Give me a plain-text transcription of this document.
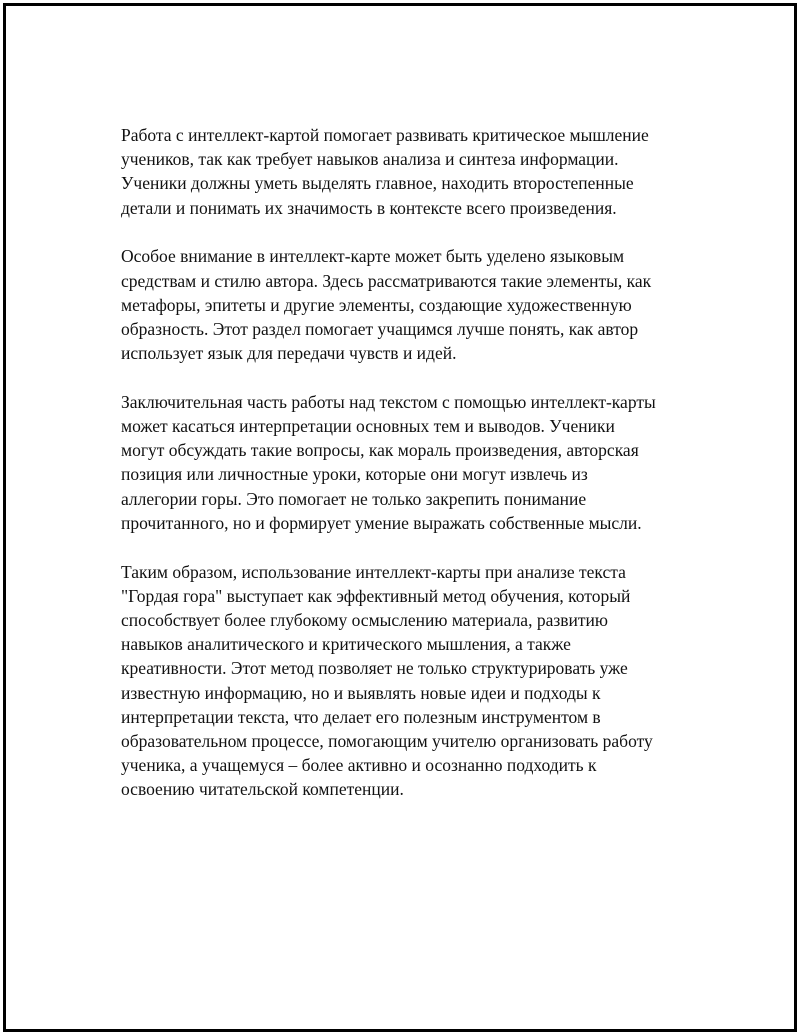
Работа с интеллект-картой помогает развивать критическое мышление
учеников, так как требует навыков анализа и синтеза информации.
Ученики должны уметь выделять главное, находить второстепенные
детали и понимать их значимость в контексте всего произведения.

Особое внимание в интеллект-карте может быть уделено языковым
средствам и стилю автора. Здесь рассматриваются такие элементы, как
метафоры, эпитеты и другие элементы, создающие художественную
образность. Этот раздел помогает учащимся лучше понять, как автор
использует язык для передачи чувств и идей.

Заключительная часть работы над текстом с помощью интеллект-карты
может касаться интерпретации основных тем и выводов. Ученики
могут обсуждать такие вопросы, как мораль произведения, авторская
позиция или личностные уроки, которые они могут извлечь из
аллегории горы. Это помогает не только закрепить понимание
прочитанного, но и формирует умение выражать собственные мысли.

Таким образом, использование интеллект-карты при анализе текста
"Гордая гора" выступает как эффективный метод обучения, который
способствует более глубокому осмыслению материала, развитию
навыков аналитического и критического мышления, а также
креативности. Этот метод позволяет не только структурировать уже
известную информацию, но и выявлять новые идеи и подходы к
интерпретации текста, что делает его полезным инструментом в
образовательном процессе, помогающим учителю организовать работу
ученика, а учащемуся – более активно и осознанно подходить к
освоению читательской компетенции.
